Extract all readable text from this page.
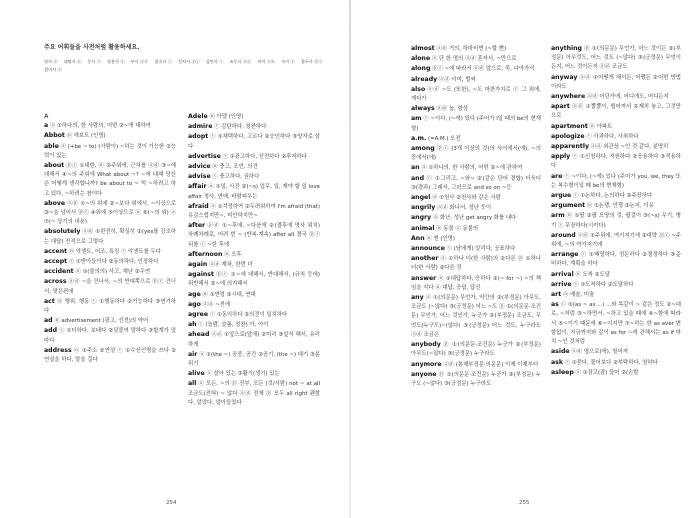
주요 어휘들을 사전처럼 활용하세요.
명사 ⓝ 대명사 ⓟ 동사 ⓥ 형용사 ⓐ 부사 ⓐⓓ 접속사 ⓒ 전치사 ⓟⓡ 감탄사 ⓘ 조동사 ⓐⓤ 약어 ⓐⓑ 속어 ⓢ 접두사 ⓟⓡ
접미사 ⓢ

A

a ⓐ ①하나의, 한 사람의, 어떤 ②~에 대하여

Abbot ⓝ 애보트 (인명)

able ⓐ (+be ~ to) (사람이) ~하는 것이 가능한 ②능력이 있는

about ⓟⓡ ①대한, ⓝ ②주위에, 근처를 ⓐⓓ ③~에 대해서 ④~의 주위에 What about ~? ~에 대해 당신은 어떻게 생각합니까? be about to ~ 막 ~하려고 하고 있다, ~하려는 참이다

above ⓐⓓ ①~의 위에 ②~보다 위에서, ~이상으로 ③~을 넘어서 ⓟⓡ ④위에 ⑤이상으로 ⓝ ⑥(~의 위) ⓐ ⑦(~ 상기의 내용)

absolutely ⓐⓓ ①완전히, 확실히 ②(yes를 강조하는 대답) 전적으로 그렇다

accent ⓝ 악센트, 어조, 특징 ⓥ 악센트를 두다

accept ⓥ ①받아들이다 ②동의하다, 인정하다

accident ⓝ ①(불의의) 사고, 재난 ②우연

across ⓐⓓ ~을 건너서, ~의 반대쪽으로 ⓟⓡ 건너서, 맞은편에

act ⓝ 행위, 행동 ⓥ ①행동하다 ②기능하다 ③연기하다

ad ⓝ advertisement (광고, 선전)의 약어

add ⓥ ①더하다, 보태다 ②덧붙여 말하다 ③합계가 얼마다

address ⓝ ①주소 ②연설 ⓥ ①수신인명을 쓰다 ②연설을 하다, 말을 걸다

Adele ⓝ 아델 (인명)

admire ⓥ 감탄하다, 칭찬하다

adopt ⓥ ①채택하다, 고르다 ②승인하다 ③양자로 삼다

advertise ⓥ ①광고하다, 선전하다 ②후지하다

advice ⓝ 충고, 조언, 의견

advise ⓥ 충고하다, 권하다

affair ⓝ ①일, 사건 ②(~s) 업무, 일, 재야 할 일 love affair 정사, 연애, 바람피우는

afraid ⓐ ①걱정하여 ②두려워하여 I'm afraid (that) 유감스럽지만~, 미안하지만~

after ⓐⓓ ①~후에, ~다음에 ②(결후에 영사 위치) 차례차례로, 어려 번 ~ (반복·계속) after all 결국 ⓟⓡ 뒤를 ⓒ ~한 후에

afternoon ⓝ 오후

again ⓐⓓ 재차, 한번 더

against ⓟⓡ ①~에 대해서, 반대해서, (규칙 등에) 위반해서 ②~에 의지해서

age ⓝ ①연령 ②시대, 연대

ago ⓐⓓ ~전에

agree ⓥ ①동의하다 ②의견이 일치하다

ah ⓘ (놀람, 슬픔, 칭찬) 아, 아이

ahead ⓐⓓ ①앞으로(앞에) ②미리 ③앞서 해서, 유리하게

air ⓝ ①(the ~) 공중, 공간 ②공기, (the ~) 대기 ③분위기

alive ⓐ 살아 있는 ②활기(생기) 있는

all ⓐ 모든, ~의 ⓟ 전부, 모든 (것/사람) not ~ at all 조금도(전혀) ~ 않다 ⓐⓓ 전체 ⓟ 모두 all right 괜찮다, 알았다, 알아들었다

254

almost ⓐⓓ 거의, 하마터면 (~할 뻔)

alone ⓐ 단 한 명의 ⓐⓓ 혼자서, ~만으로

along ⓟⓡ ~에 따라서 ⓐⓓ 앞으로, 죽, 나아가서

already ⓐⓓ 이미, 벌써

also ⓐⓓ ~도 (또한), ~도 마찬가지로 ⓒ 그 위에, 게다가

always ⓐⓓ 늘, 항상

am ⓥ ~이다, (~에) 있다 (주어가 I일 때의 be의 현재형)

a.m. (=A.M.) 오전

among ⓟⓡ (3개 이상의 것)의 사이에서(에), ~의 중에서(에)

an ⓐ ①하나의, 한 사람의, 어떤 ②~에 관하여

and ⓒ ①그리고, ~와~ ②(같은 단어 결합) 더욱더 ③(결과) 그래서, 그러므로 and so on ~등

angel ⓝ ①천사 ②천사와 같은 사람

angrily ⓐⓓ 화나서, 성난 듯이

angry ⓐ 화난, 성난 get angry 화를 내다

animal ⓝ 동물 ⓐ 동물의

Ann ⓝ 앤 (인명)

announce ⓥ (남에게) 알리다, 공표하다

another ⓐ ①하나 더(한 사람)의 ②다른 ⓟ ①하나 더(한 사람) ②다른 것

answer ⓝ ①대답하다, 응하다 ②(~ for ~) ~의 책임을 지다 ⓝ 대답, 응답, 답신

any ⓐ ①(의문문) 무언가, 약간의 ②(부정문) 아무도, 조금도 (~않다) ③(긍정문) 어느 ~도 ⓟ ①(의문문·조건문) 무언가, 어느 것인가, 누군가 ②(부정문) 조금도, 무엇도(누구도)~(않다) ③(긍정문) 어느 것도, 누구라도 ⓐⓓ 조금은

anybody ⓟ ①(의문문·조건문) 누군가 ②(부정문) 아무도(~않다) ③(긍정문) 누구라도

anymore ⓐⓓ (통제부정문·의문문) 이제 이제부터

anyone ⓟ ①(의문문·조건문) 누군가 ②(부정문) 누구도 (~않다) ③(긍정문) 누구라도

anything ⓟ ①(의문문) 무언가, 어느 것이든 ②(부정문) 아무것도, 어느 것도 (~않다) ③(긍정문) 무엇이든지, 어느 것이든지 ⓐⓓ 조금도

anyway ⓐⓓ ①어떻게 해서든, 어쨌든 ②어떤 방법이라도

anywhere ⓐⓓ 어딘가에, 어디에도, 어디든지

apart ⓐⓓ ①뿔뿔이, 떨어져서 ②제처 놓고, 그것만으로

apartment ⓝ 아파트

apologize ⓥ 사과하다, 사죄하다

apparently ⓐⓓ 외관상 ~인 것 같다, 분명히

apply ⓥ ①신청하다, 지원하다 ②응용하다 ③적용하다

are ⓥ ~이다, (~에) 있다 (주어가 you, we, they 또는 복수형이일 때 be의 현재형)

argue ⓥ ①논하다, 논의하다 ②주장하다

argument ⓝ ①논쟁, 언쟁 ②논지, 이유

arm ⓝ ①팔 ②팔 모양의 것, 팔걸이 ③(~s) 무기, 병기 ⓥ 무장하다(시키다)

around ⓐⓓ ①주위에, 여기저기에 ②대략 ⓟⓡ ~주위에, ~의 여기저기에

arrange ⓥ ①배열하다, 정돈하다 ②결정하다 ③준비하다, 계획을 하다

arrival ⓝ 도착 ②도달

arrive ⓥ ①도착하다 ②도달하다

art ⓝ 예술, 미술

as ⓒ ①(as ~ as ...) ...와 똑같이 ~ 같은 정도 ②~대로, ~처럼 ③~하면서, ~하고 있을 때에 ④~함에 따라서 ⑤~이기 때문에 ⑥~이지만 ⑦~하는 한 as ever 변함없이, 지금까지와 같이 as for ~에 관해서는 as if 마치 ~인 것처럼

aside ⓐⓓ 옆으로(에), 떨어져

ask ⓥ ①묻다, 물어보다 ②부탁하다, 청하다

asleep ⓐ ①잠고(잠) 들어 ②(손발

255
